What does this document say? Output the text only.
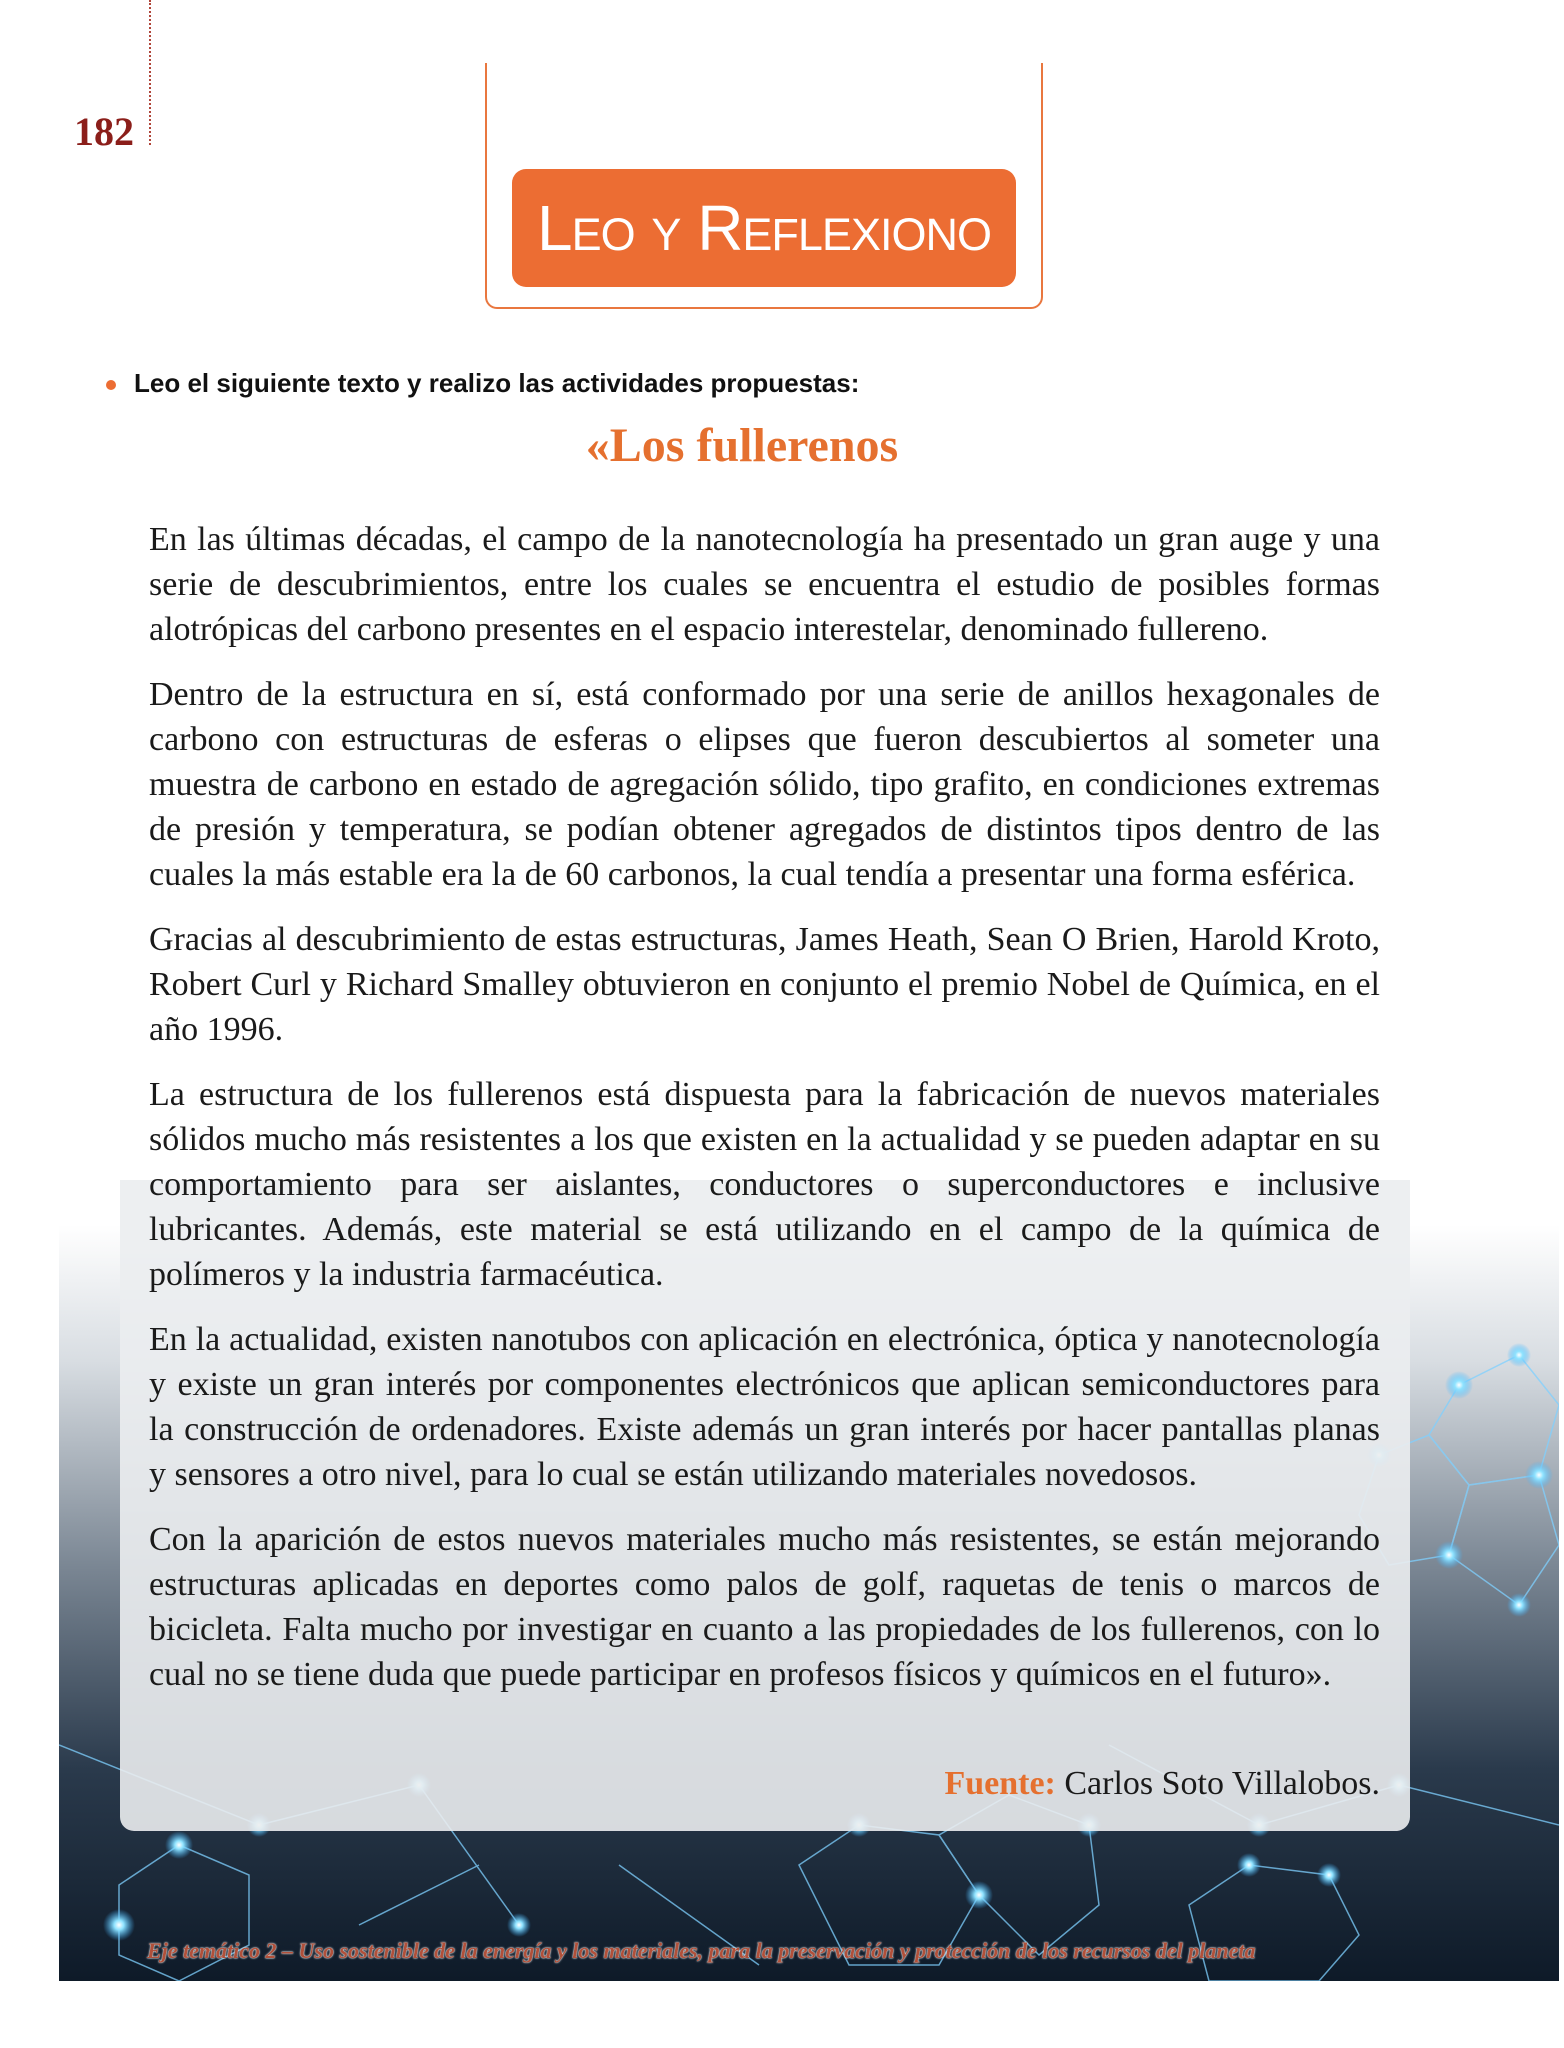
182
Leo y Reflexiono
Leo el siguiente texto y realizo las actividades propuestas:
«Los fullerenos

En las últimas décadas, el campo de la nanotecnología ha presentado un gran auge y una serie de descubrimientos, entre los cuales se encuentra el estudio de posibles formas alotrópicas del carbono presentes en el espacio interestelar, denominado fullereno.

Dentro de la estructura en sí, está conformado por una serie de anillos hexagonales de carbono con estructuras de esferas o elipses que fueron descubiertos al someter una muestra de carbono en estado de agregación sólido, tipo grafito, en condiciones extremas de presión y temperatura, se podían obtener agregados de distintos tipos dentro de las cuales la más estable era la de 60 carbonos, la cual tendía a presentar una forma esférica.

Gracias al descubrimiento de estas estructuras, James Heath, Sean O Brien, Harold Kroto, Robert Curl y Richard Smalley obtuvieron en conjunto el premio Nobel de Química, en el año 1996.

La estructura de los fullerenos está dispuesta para la fabricación de nuevos materiales sólidos mucho más resistentes a los que existen en la actualidad y se pueden adaptar en su comportamiento para ser aislantes, conductores o superconductores e inclusive lubricantes. Además, este material se está utilizando en el campo de la química de polímeros y la industria farmacéutica.

En la actualidad, existen nanotubos con aplicación en electrónica, óptica y nanotecnología y existe un gran interés por componentes electrónicos que aplican semiconductores para la construcción de ordenadores. Existe además un gran interés por hacer pantallas planas y sensores a otro nivel, para lo cual se están utilizando materiales novedosos.

Con la aparición de estos nuevos materiales mucho más resistentes, se están mejorando estructuras aplicadas en deportes como palos de golf, raquetas de tenis o marcos de bicicleta. Falta mucho por investigar en cuanto a las propiedades de los fullerenos, con lo cual no se tiene duda que puede participar en profesos físicos y químicos en el futuro».

Fuente: Carlos Soto Villalobos.
Eje temático 2 – Uso sostenible de la energía y los materiales, para la preservación y protección de los recursos del planeta
